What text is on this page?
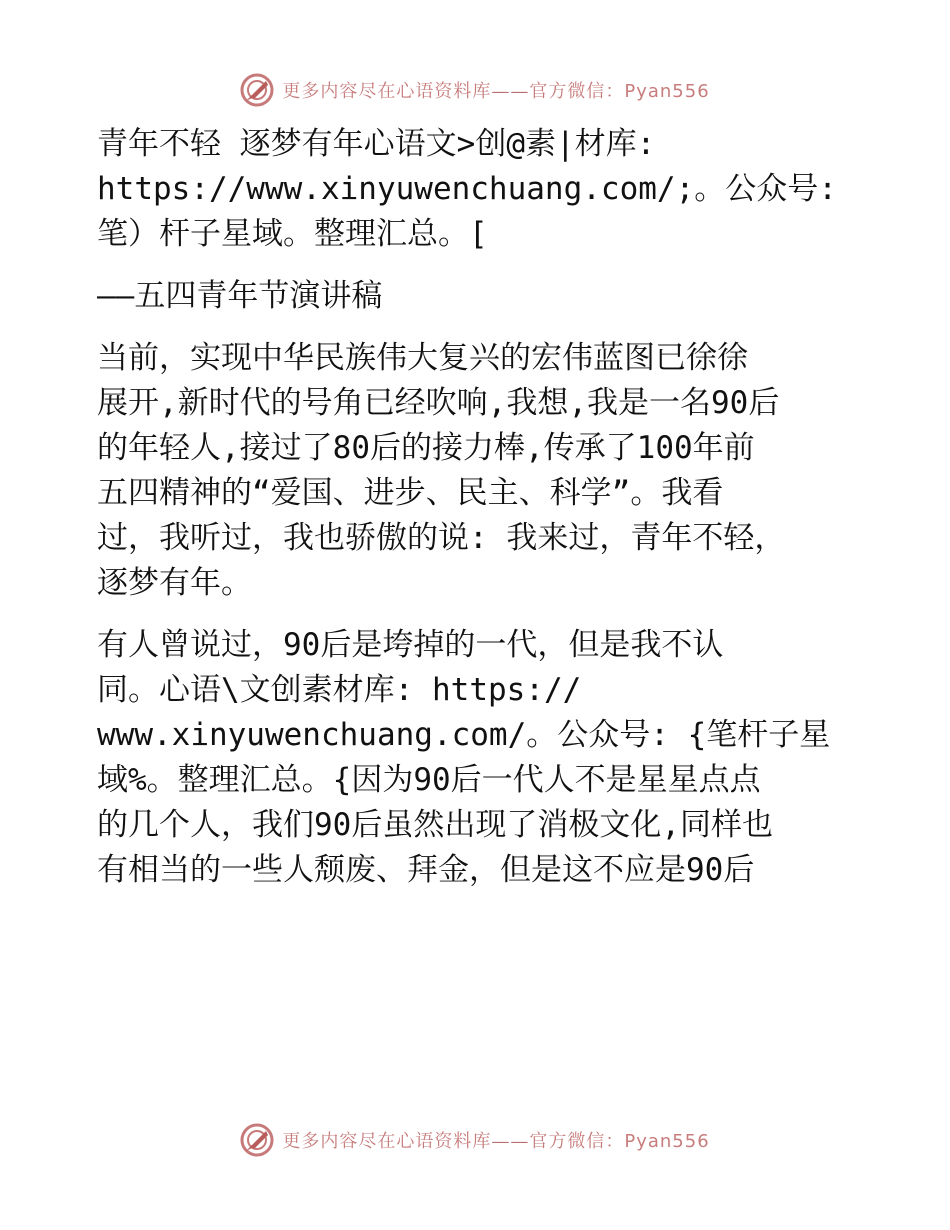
更多内容尽在心语资料库——官方微信：Pyan556
青年不轻 逐梦有年心语文>创@素|材库:
https://www.xinyuwenchuang.com/;。公众号:
笔）杆子星域。整理汇总。[
——五四青年节演讲稿
当前，实现中华民族伟大复兴的宏伟蓝图已徐徐
展开,新时代的号角已经吹响,我想,我是一名90后
的年轻人,接过了80后的接力棒,传承了100年前
五四精神的“爱国、进步、民主、科学”。我看
过，我听过，我也骄傲的说: 我来过，青年不轻，
逐梦有年。
有人曾说过，90后是垮掉的一代，但是我不认
同。心语\文创素材库: https://
www.xinyuwenchuang.com/。公众号: {笔杆子星
域%。整理汇总。{因为90后一代人不是星星点点
的几个人，我们90后虽然出现了消极文化,同样也
有相当的一些人颓废、拜金，但是这不应是90后
更多内容尽在心语资料库——官方微信：Pyan556
